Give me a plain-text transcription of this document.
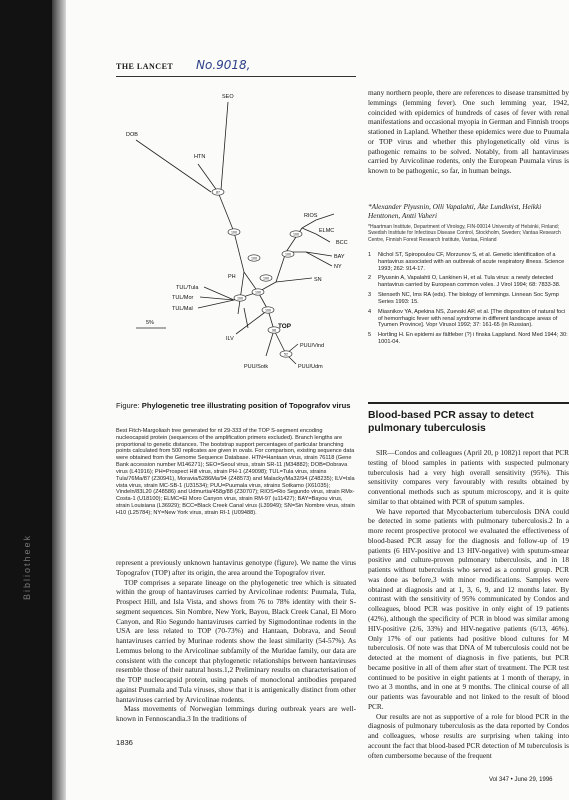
Bibliotheek
THE LANCET No.9018,
87
100
100
100
100
100
100
100
100
98
52
SEO
DOB
HTN
RIOS
ELMC
BCC
BAY
NY
SN
PH
TUL/Tula
TUL/Mor
TUL/Mal
ILV
PUU/Vind
PUU/Udm
PUU/Sotk
TOP
5%
Figure: Phylogenetic tree illustrating position of Topografov virus
Best Fitch-Margoliash tree generated for nt 29-333 of the TOP S-segment encoding nucleocapsid protein (sequences of the amplification primers excluded). Branch lengths are proportional to genetic distances. The bootstrap support percentages of particular branching points calculated from 500 replicates are given in ovals. For comparison, existing sequence data were obtained from the Genome Sequence Database. HTN=Hantaan virus, strain 76118 (Gene Bank accession number M146271); SEO=Seoul virus, strain SR-11 (M34882); DOB=Dobrava virus (L41916); PH=Prospect Hill virus, strain PH-1 (Z49098); TUL=Tula virus, strains Tula/76Ma/87 (Z30941), Moravia/5286Ma/94 (Z48573) and Malacky/Ma32/94 (Z48235); ILV=Isla vista virus, strain MC-SB-1 (U31534); PUU=Puumala virus, strains Sotkamo (X61035); Vindeln/83L20 (Z48586) and Udmurtia/458g/88 (Z30707); RIOS=Rio Segundo virus, strain RMx-Costa-1 (U18100); ELMC=El Moro Canyon virus, strain RM-97 (u11427); BAY=Bayou virus, strain Louisiana (L36929); BCC=Black Creek Canal virus (L39949); SN=Sin Nombre virus, strain H10 (L25784); NY=New York virus, strain RI-1 (U09488).

represent a previously unknown hantavirus genotype (figure). We name the virus Topografov (TOP) after its origin, the area around the Topografov river.

TOP comprises a separate lineage on the phylogenetic tree which is situated within the group of hantaviruses carried by Arvicolinae rodents: Puumala, Tula, Prospect Hill, and Isla Vista, and shows from 76 to 78% identity with their S-segment sequences. Sin Nombre, New York, Bayou, Black Creek Canal, El Moro Canyon, and Rio Segundo hantaviruses carried by Sigmodontinae rodents in the USA are less related to TOP (70-73%) and Hantaan, Dobrava, and Seoul hantaviruses carried by Murinae rodents show the least similarity (54-57%). As Lemmus belong to the Arvicolinae subfamily of the Muridae family, our data are consistent with the concept that phylogenetic relationships between hantaviruses resemble those of their natural hosts.1,2 Preliminary results on characterisation of the TOP nucleocapsid protein, using panels of monoclonal antibodies prepared against Puumala and Tula viruses, show that it is antigenically distinct from other hantaviruses carried by Arvicolinae rodents.

Mass movements of Norwegian lemmings during outbreak years are well-known in Fennoscandia.3 In the traditions of

many northern people, there are references to disease transmitted by lemmings (lemming fever). One such lemming year, 1942, coincided with epidemics of hundreds of cases of fever with renal manifestations and occasional myopia in German and Finnish troops stationed in Lapland. Whether these epidemics were due to Puumala or TOP virus and whether this phylogenetically old virus is pathogenic remains to be solved. Notably, from all hantaviruses carried by Arvicolinae rodents, only the European Puumala virus is known to be pathogenic, so far, in human beings.

*Alexander Plyusnin, Olli Vapalahti, Åke Lundkvist, Heikki Henttonen, Antti Vaheri
*Haartman Institute, Department of Virology, FIN-00014 University of Helsinki, Finland; Swedish Institute for Infectious Disease Control, Stockholm, Sweden; Vantaa Research Centre, Finnish Forest Research Institute, Vantaa, Finland
1	Nichol ST, Spiropoulou CF, Morzunov S, et al. Genetic identification of a hantavirus associated with an outbreak of acute respiratory illness. Science 1993; 262: 914-17.
2	Plyusnin A, Vapalahti O, Lankinen H, et al. Tula virus: a newly detected hantavirus carried by European common voles. J Virol 1994; 68: 7833-38.
3	Stenseth NC, Ims RA (eds). The biology of lemmings. Linnean Soc Symp Series 1993: 15.
4	Miasnikov YA, Apekina NS, Zuevski AP, et al. [The disposition of natural foci of hemorrhagic fever with renal syndrome in different landscape areas of Tyumen Province]. Vopr Virusol 1992; 37: 161-65 (in Russian).
5	Hortling H. En epidemi av fältfeber (?) i finska Lappland. Nord Med 1944; 30: 1001-04.
Blood-based PCR assay to detect pulmonary tuberculosis

SIR—Condos and colleagues (April 20, p 1082)1 report that PCR testing of blood samples in patients with suspected pulmonary tuberculosis had a very high overall sensitivity (95%). This sensitivity compares very favourably with results obtained by conventional methods such as sputum microscopy, and it is quite similar to that obtained with PCR of sputum samples.

We have reported that Mycobacterium tuberculosis DNA could be detected in some patients with pulmonary tuberculosis.2 In a more recent prospective protocol we evaluated the effectiveness of blood-based PCR assay for the diagnosis and follow-up of 19 patients (6 HIV-positive and 13 HIV-negative) with sputum-smear positive and culture-proven pulmonary tuberculosis, and in 18 patients without tuberculosis who served as a control group. PCR was done as before,3 with minor modifications. Samples were obtained at diagnosis and at 1, 3, 6, 9, and 12 months later. By contrast with the sensitivity of 95% communicated by Condos and colleagues, blood PCR was positive in only eight of 19 patients (42%), although the specificity of PCR in blood was similar among HIV-positive (2/6, 33%) and HIV-negative patients (6/13, 46%). Only 17% of our patients had positive blood cultures for M tuberculosis. Of note was that DNA of M tuberculosis could not be detected at the moment of diagnosis in five patients, but PCR became positive in all of them after start of treatment. The PCR test continued to be positive in eight patients at 1 month of therapy, in two at 3 months, and in one at 9 months. The clinical course of all our patients was favourable and not linked to the result of blood PCR.

Our results are not as supportive of a role for blood PCR in the diagnosis of pulmonary tuberculosis as the data reported by Condos and colleagues, whose results are surprising when taking into account the fact that blood-based PCR detection of M tuberculosis is often cumbersome because of the frequent

1836
Vol 347 • June 29, 1996
